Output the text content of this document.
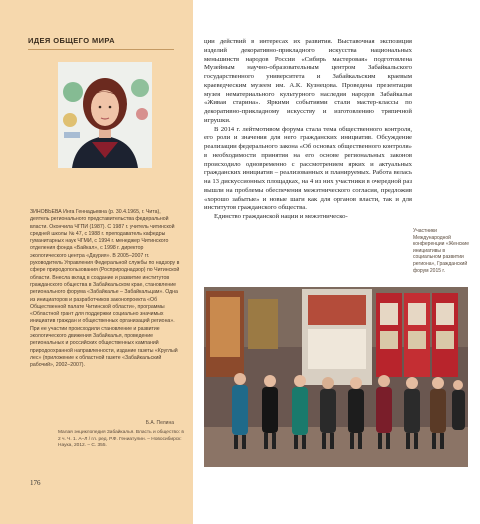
ИДЕЯ ОБЩЕГО МИРА

ЗИНОВЬЕВА Инга Геннадьевна (р. 30.4.1965, г. Чита), деятель регионального представительства федеральной власти. Окончила ЧГПИ (1987). С 1987 г. учитель читинской средней школы № 47, с 1988 г. преподаватель кафедры гуманитарных наук ЧГМИ, с 1994 г. менеджер Читинского отделения фонда «Байкал», с 1998 г. директор экологического центра «Даурия». В 2005–2007 гг. руководитель Управления Федеральной службы по надзору в сфере природопользования (Росприроднадзор) по Читинской области. Внесла вклад в создание и развитие институтов гражданского общества в Забайкальском крае, становление регионального форума «Забайкалье – Забайкальцам». Одна из инициаторов и разработчиков законопроекта «Об Общественной палате Читинской области», программы «Областной грант для поддержки социально значимых инициатив граждан и общественных организаций региона». При ее участии происходили становление и развитие экологического движения Забайкалья, проведение региональных и российских общественных кампаний природоохранной направленности, издание газеты «Круглый лес» (приложение к областной газете «Забайкальский рабочий», 2002–2007).

Б.А. Пелина

Малая энциклопедия Забайкалья. Власть и общество: в 2 ч. Ч. 1. А–Л / гл. ред. Р.Ф. Гениатулин. – Новосибирск: Наука, 2012. – С. 355.

176

ции действий в интересах их развития. Выставочная экспозиция изделий декоративно-прикладного искусства национальных меньшинств народов России «Сибирь мастеровая» подготовлена Музейным научно-образовательным центром Забайкальского государственного университета и Забайкальским краевым краеведческим музеем им. А.К. Кузнецова. Проведена презентация музея нематериального культурного наследия народов Забайкалья «Живая старина». Яркими событиями стали мастер-классы по декоративно-прикладному искусству и изготовлению тряпичной игрушки.

В 2014 г. лейтмотивом форума стала тема общественного контроля, его роли и значения для него гражданских инициатив. Обсуждение реализации федерального закона «Об основах общественного контроля» в необходимости принятия на его основе региональных законов происходило одновременно с рассмотрением ярких и актуальных гражданских инициатив – реализованных и планируемых. Работа велась на 13 дискуссионных площадках, на 4 из них участники в очередной раз вышли на проблемы обеспечения межэтнического согласия, предложив «хорошо забытые» и новые шаги как для органов власти, так и для институтов гражданского общества.

Единство гражданской нации и межэтническо-

Участники Международной конференции «Женские инициативы в социальном развитии региона», Гражданский форум 2015 г.
